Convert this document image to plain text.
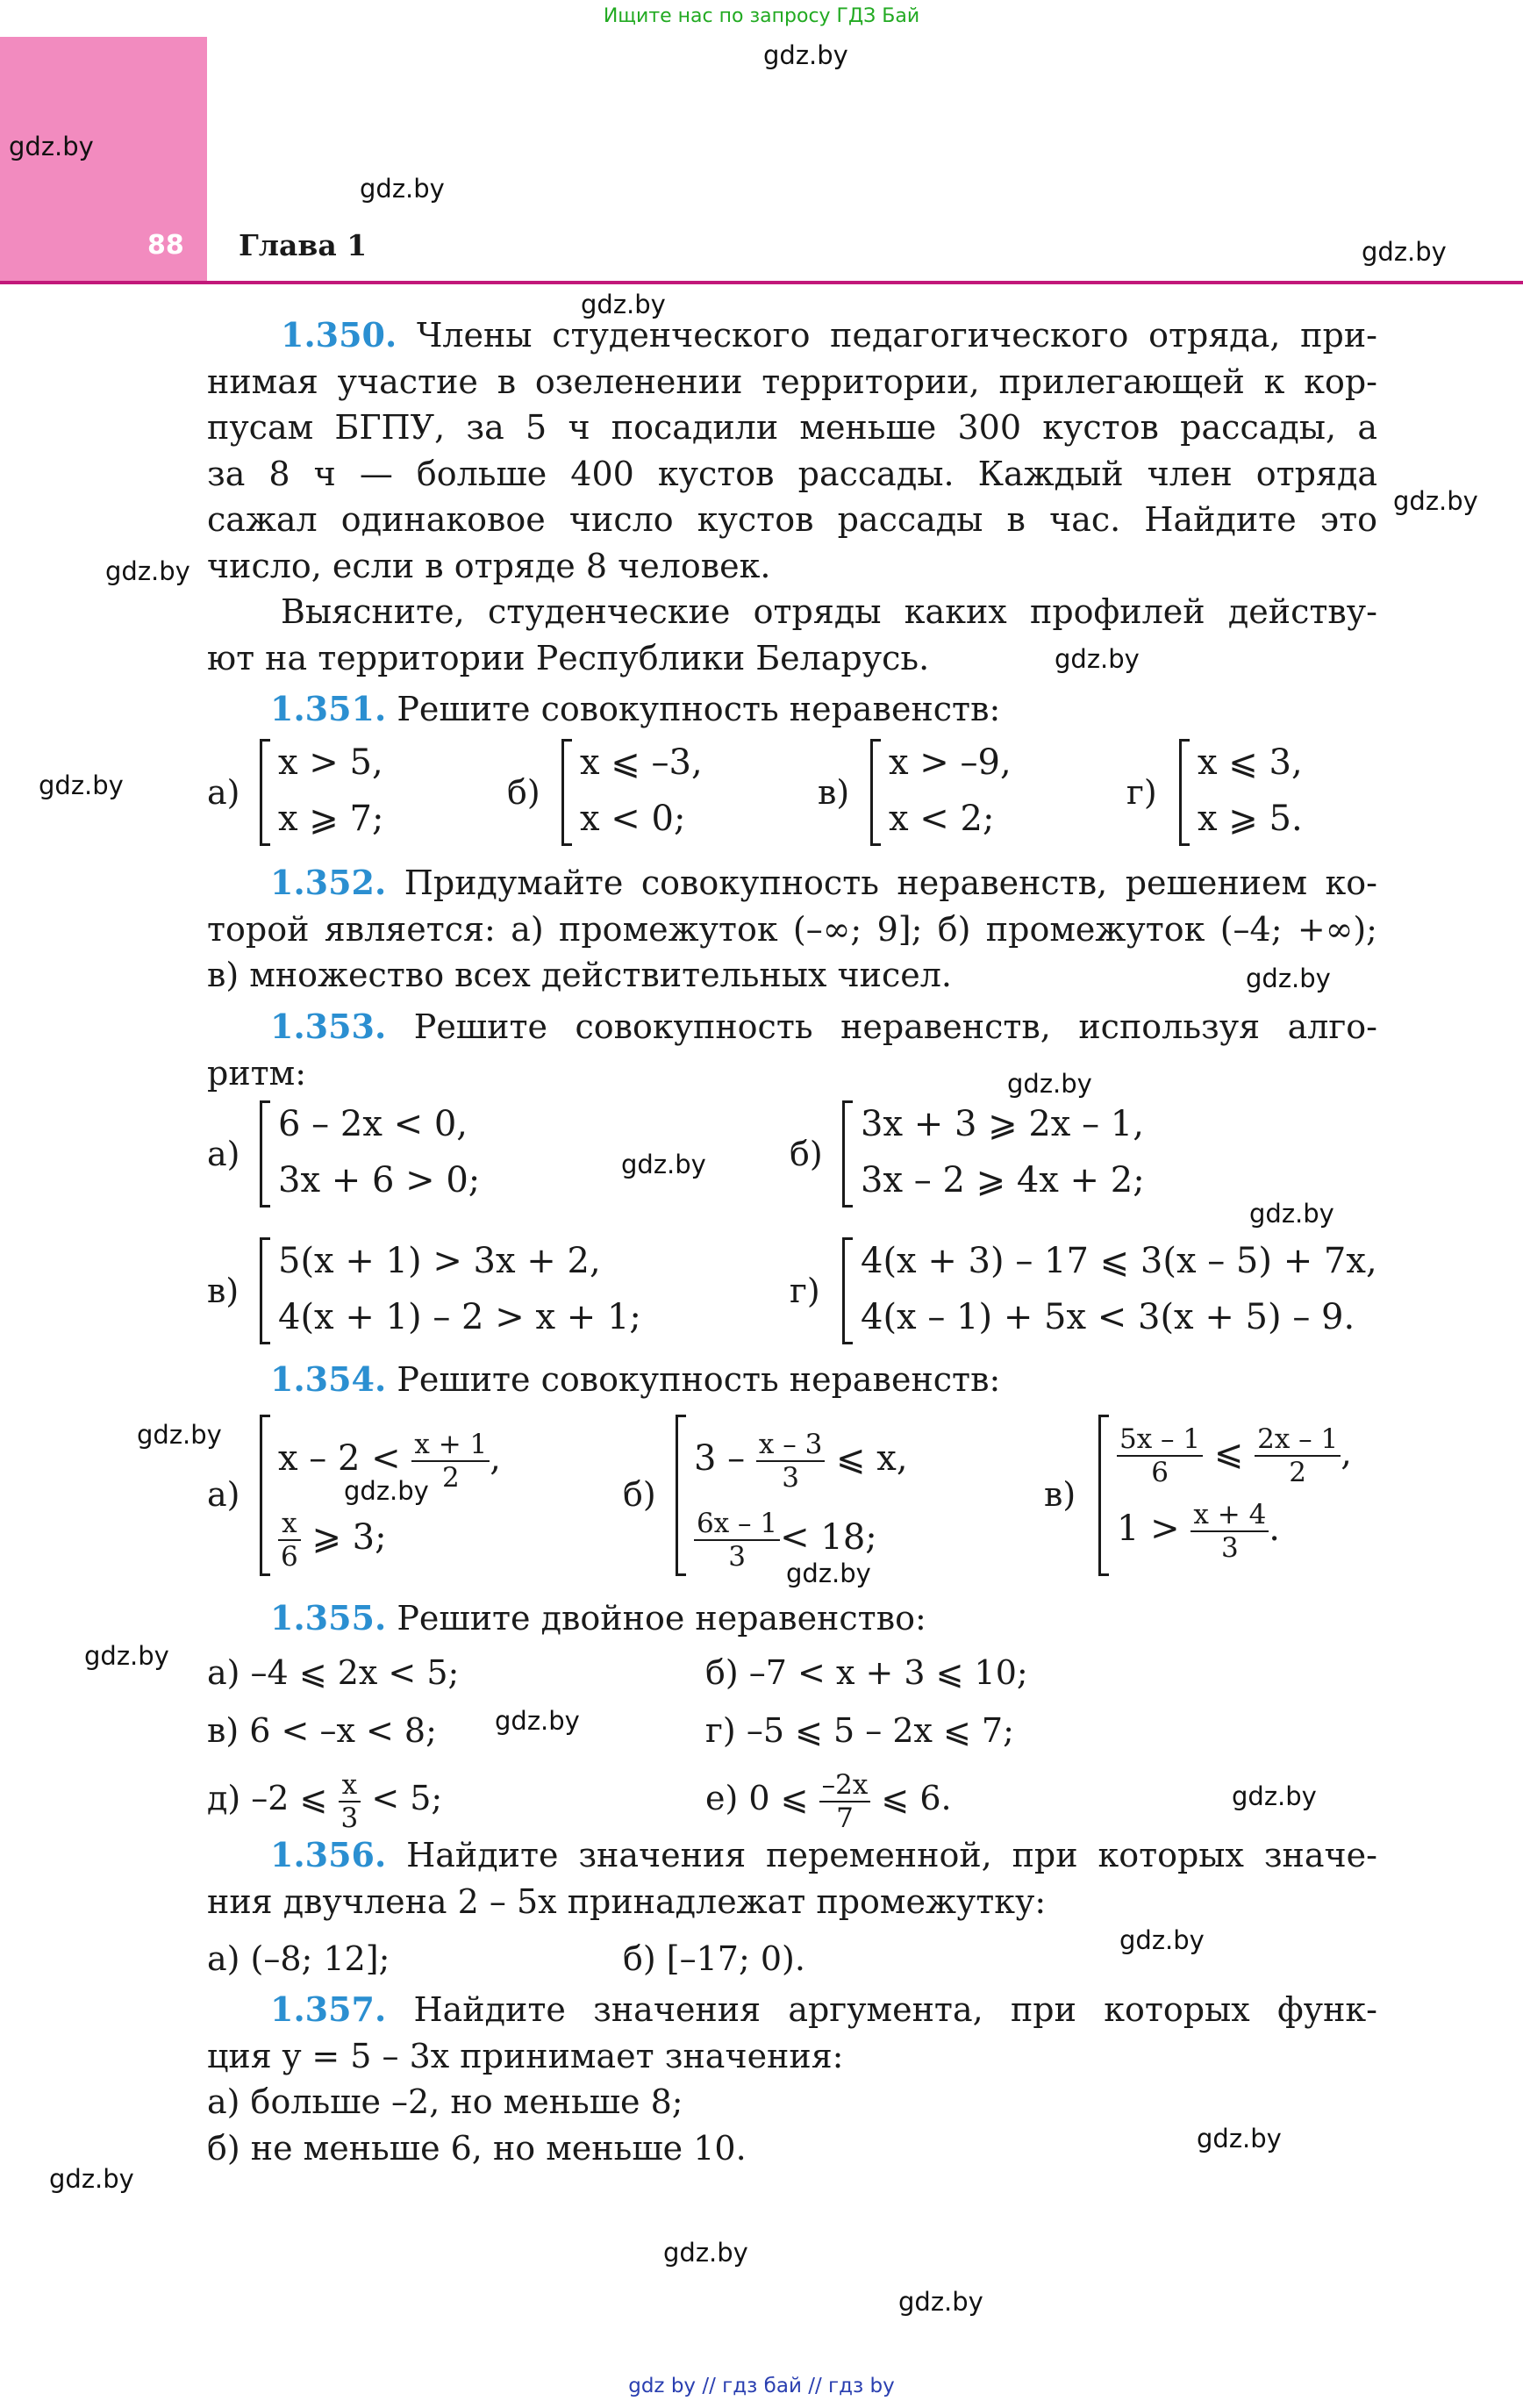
Ищите нас по запросу ГДЗ Бай
gdz by // гдз бай // гдз by
88 Глава 1
gdz.by
gdz.by
gdz.by
gdz.by
gdz.by
gdz.by
gdz.by
gdz.by
gdz.by
gdz.by
gdz.by
gdz.by
gdz.by
gdz.by
gdz.by
gdz.by
gdz.by
gdz.by
gdz.by
gdz.by
gdz.by
gdz.by
gdz.by
gdz.by
1.350. Члены студенческого педагогического отряда, при-
нимая участие в озеленении территории, прилегающей к кор-
пусам БГПУ, за 5 ч посадили меньше 300 кустов рассады, а
за 8 ч — больше 400 кустов рассады. Каждый член отряда
сажал одинаковое число кустов рассады в час. Найдите это
число, если в отряде 8 человек.
Выясните, студенческие отряды каких профилей действу-
ют на территории Республики Беларусь.
1.351. Решите совокупность неравенств:
а)
x > 5,
x ⩾ 7;
б)
x ⩽ –3,
x < 0;
в)
x > –9,
x < 2;
г)
x ⩽ 3,
x ⩾ 5.
1.352. Придумайте совокупность неравенств, решением ко-
торой является: а) промежуток (–∞; 9]; б) промежуток (–4; +∞);
в) множество всех действительных чисел.
1.353. Решите совокупность неравенств, используя алго-
ритм:
а)
6 – 2x < 0,
3x + 6 > 0;
б)
3x + 3 ⩾ 2x – 1,
3x – 2 ⩾ 4x + 2;
в)
5(x + 1) > 3x + 2,
4(x + 1) – 2 > x + 1;
г)
4(x + 3) – 17 ⩽ 3(x – 5) + 7x,
4(x – 1) + 5x < 3(x + 5) – 9.
1.354. Решите совокупность неравенств:
а)
$x - 2 < \frac{x + 1}{2}$ ,
$\frac{x}{6}$ ⩾ 3;
б)
$3 - \frac{x - 3}{3}$ ⩽ x,
$\frac{6x - 1}{3} < 18$;
в)
$\frac{5x - 1}{6}$ ⩽ $\frac{2x - 1}{2}$ ,
$1 > \frac{x + 4}{3}$ .
1.355. Решите двойное неравенство:
а) –4 ⩽ 2x < 5;	б) –7 < x + 3 ⩽ 10;
в) 6 < –x < 8;	г) –5 ⩽ 5 – 2x ⩽ 7;
д) –2 ⩽ $\frac{x}{3} < 5$;	е) 0 ⩽ $\frac{-2x}{7}$ ⩽ 6.
1.356. Найдите значения переменной, при которых значе-
ния двучлена 2 – 5x принадлежат промежутку:
а) (–8; 12];	б) [–17; 0).
1.357. Найдите значения аргумента, при которых функ-
ция y = 5 – 3x принимает значения:
а) больше –2, но меньше 8;
б) не меньше 6, но меньше 10.
